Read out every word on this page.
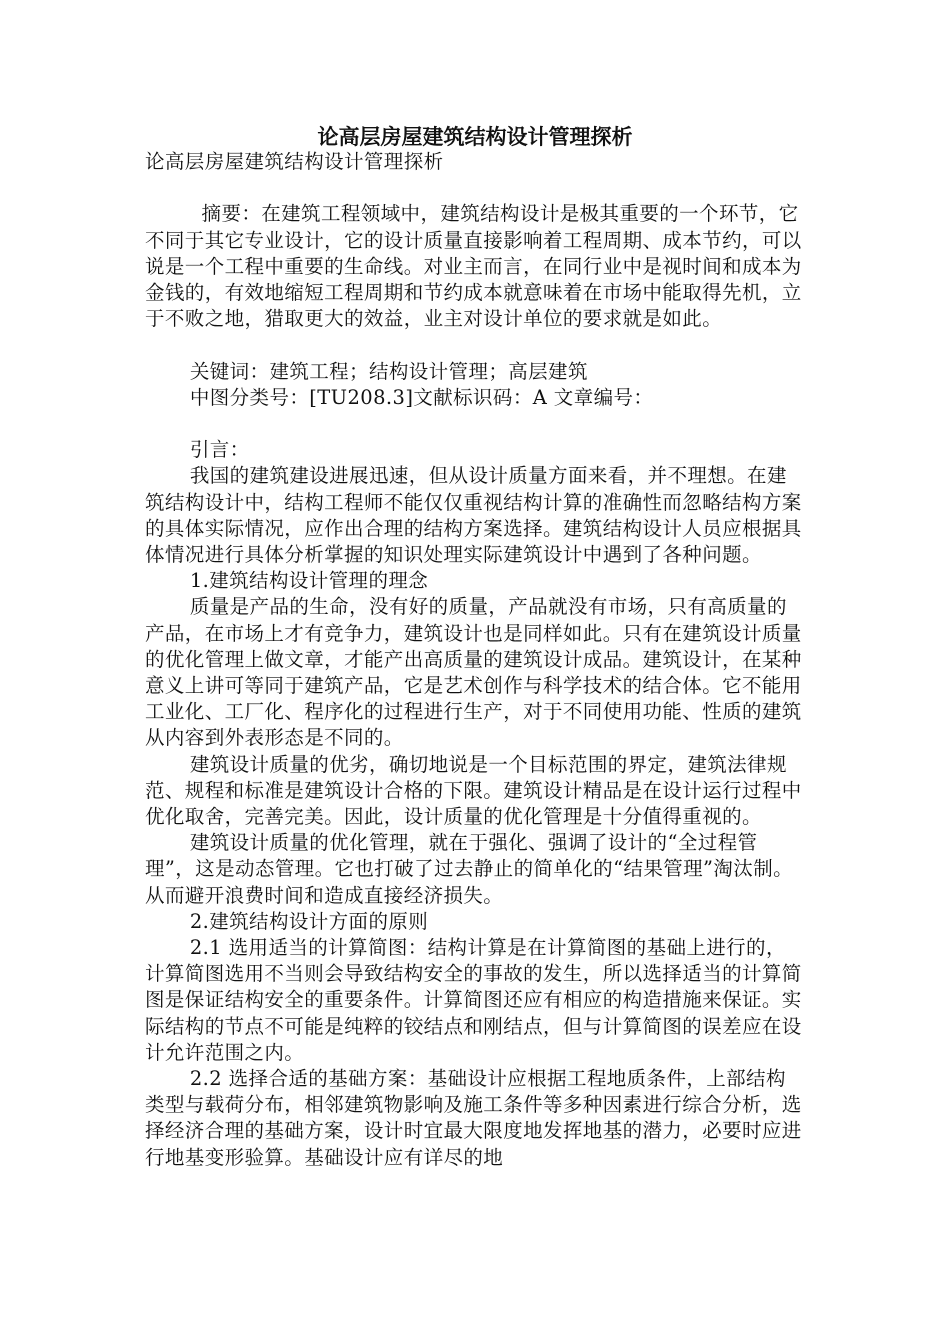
论高层房屋建筑结构设计管理探析

论高层房屋建筑结构设计管理探析

摘要：在建筑工程领域中，建筑结构设计是极其重要的一个环节，它不同于其它专业设计，它的设计质量直接影响着工程周期、成本节约，可以说是一个工程中重要的生命线。对业主而言，在同行业中是视时间和成本为金钱的，有效地缩短工程周期和节约成本就意味着在市场中能取得先机，立于不败之地，猎取更大的效益，业主对设计单位的要求就是如此。

关键词：建筑工程；结构设计管理；高层建筑

中图分类号：[TU208.3]文献标识码：A 文章编号：

引言：

我国的建筑建设进展迅速，但从设计质量方面来看，并不理想。在建筑结构设计中，结构工程师不能仅仅重视结构计算的准确性而忽略结构方案的具体实际情况，应作出合理的结构方案选择。建筑结构设计人员应根据具体情况进行具体分析掌握的知识处理实际建筑设计中遇到了各种问题。

1.建筑结构设计管理的理念

质量是产品的生命，没有好的质量，产品就没有市场，只有高质量的产品，在市场上才有竞争力，建筑设计也是同样如此。只有在建筑设计质量的优化管理上做文章，才能产出高质量的建筑设计成品。建筑设计，在某种意义上讲可等同于建筑产品，它是艺术创作与科学技术的结合体。它不能用工业化、工厂化、程序化的过程进行生产，对于不同使用功能、性质的建筑从内容到外表形态是不同的。

建筑设计质量的优劣，确切地说是一个目标范围的界定，建筑法律规范、规程和标准是建筑设计合格的下限。建筑设计精品是在设计运行过程中优化取舍，完善完美。因此，设计质量的优化管理是十分值得重视的。

建筑设计质量的优化管理，就在于强化、强调了设计的“全过程管理”，这是动态管理。它也打破了过去静止的简单化的“结果管理”淘汰制。从而避开浪费时间和造成直接经济损失。

2.建筑结构设计方面的原则

2.1 选用适当的计算简图：结构计算是在计算简图的基础上进行的，计算简图选用不当则会导致结构安全的事故的发生，所以选择适当的计算简图是保证结构安全的重要条件。计算简图还应有相应的构造措施来保证。实际结构的节点不可能是纯粹的铰结点和刚结点，但与计算简图的误差应在设计允许范围之内。

2.2 选择合适的基础方案：基础设计应根据工程地质条件，上部结构类型与载荷分布，相邻建筑物影响及施工条件等多种因素进行综合分析，选择经济合理的基础方案，设计时宜最大限度地发挥地基的潜力，必要时应进行地基变形验算。基础设计应有详尽的地
